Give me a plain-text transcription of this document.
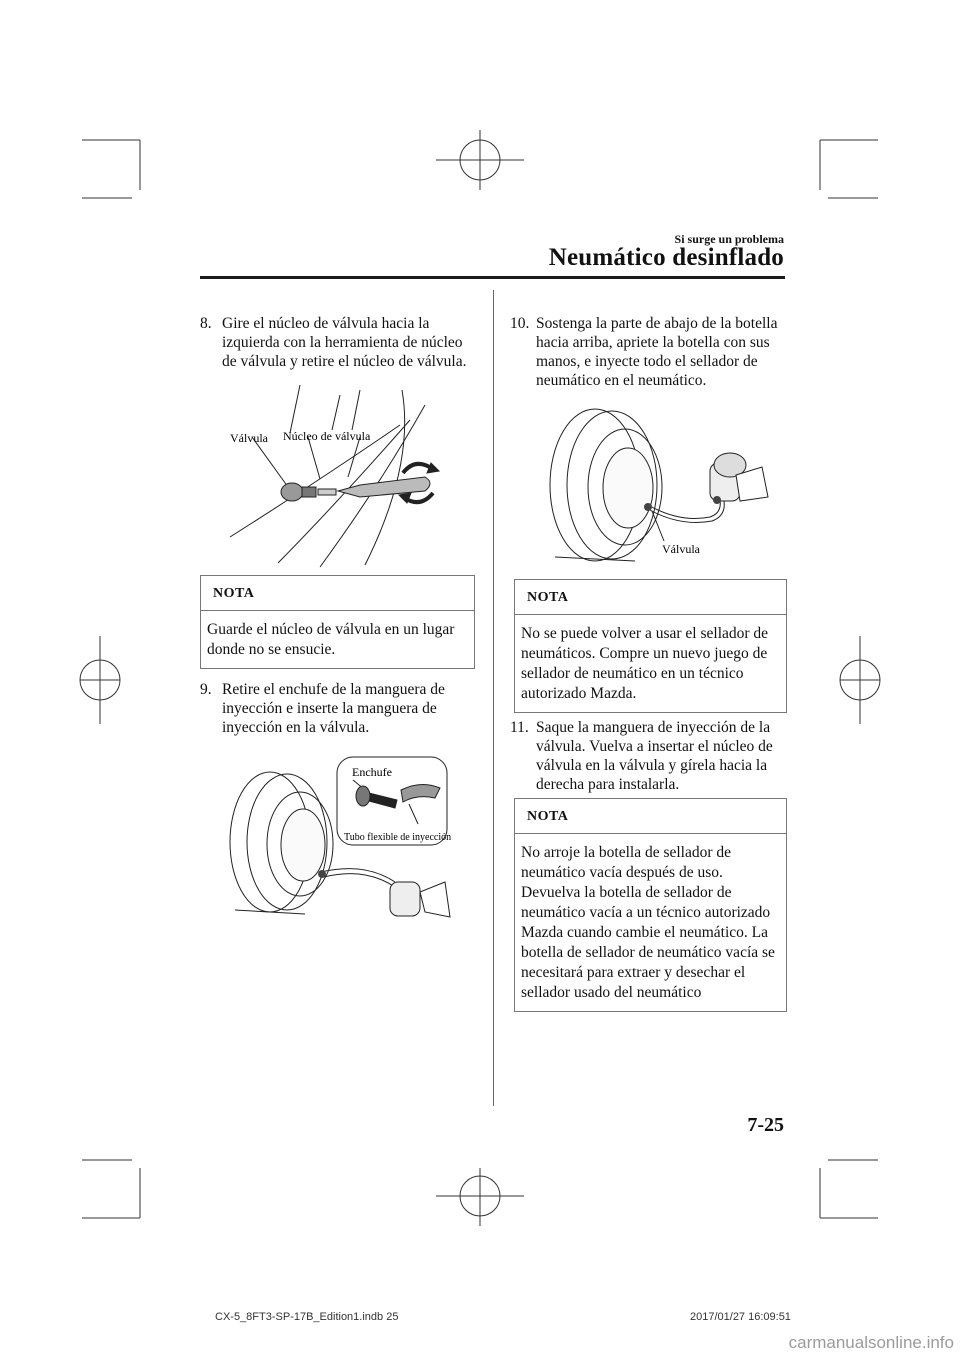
Si surge un problema
Neumático desinflado
8. Gire el núcleo de válvula hacia la izquierda con la herramienta de núcleo de válvula y retire el núcleo de válvula.
Válvula Núcleo de válvula
NOTA
Guarde el núcleo de válvula en un lugar donde no se ensucie.
9. Retire el enchufe de la manguera de inyección e inserte la manguera de inyección en la válvula.
Enchufe
Tubo flexible de inyección
10. Sostenga la parte de abajo de la botella hacia arriba, apriete la botella con sus manos, e inyecte todo el sellador de neumático en el neumático.
Válvula
NOTA
No se puede volver a usar el sellador de neumáticos. Compre un nuevo juego de sellador de neumático en un técnico autorizado Mazda.
11. Saque la manguera de inyección de la válvula. Vuelva a insertar el núcleo de válvula en la válvula y gírela hacia la derecha para instalarla.
NOTA
No arroje la botella de sellador de neumático vacía después de uso. Devuelva la botella de sellador de neumático vacía a un técnico autorizado Mazda cuando cambie el neumático. La botella de sellador de neumático vacía se necesitará para extraer y desechar el sellador usado del neumático
7-25
CX-5_8FT3-SP-17B_Edition1.indb 25	2017/01/27 16:09:51
carmanualsonline.info
